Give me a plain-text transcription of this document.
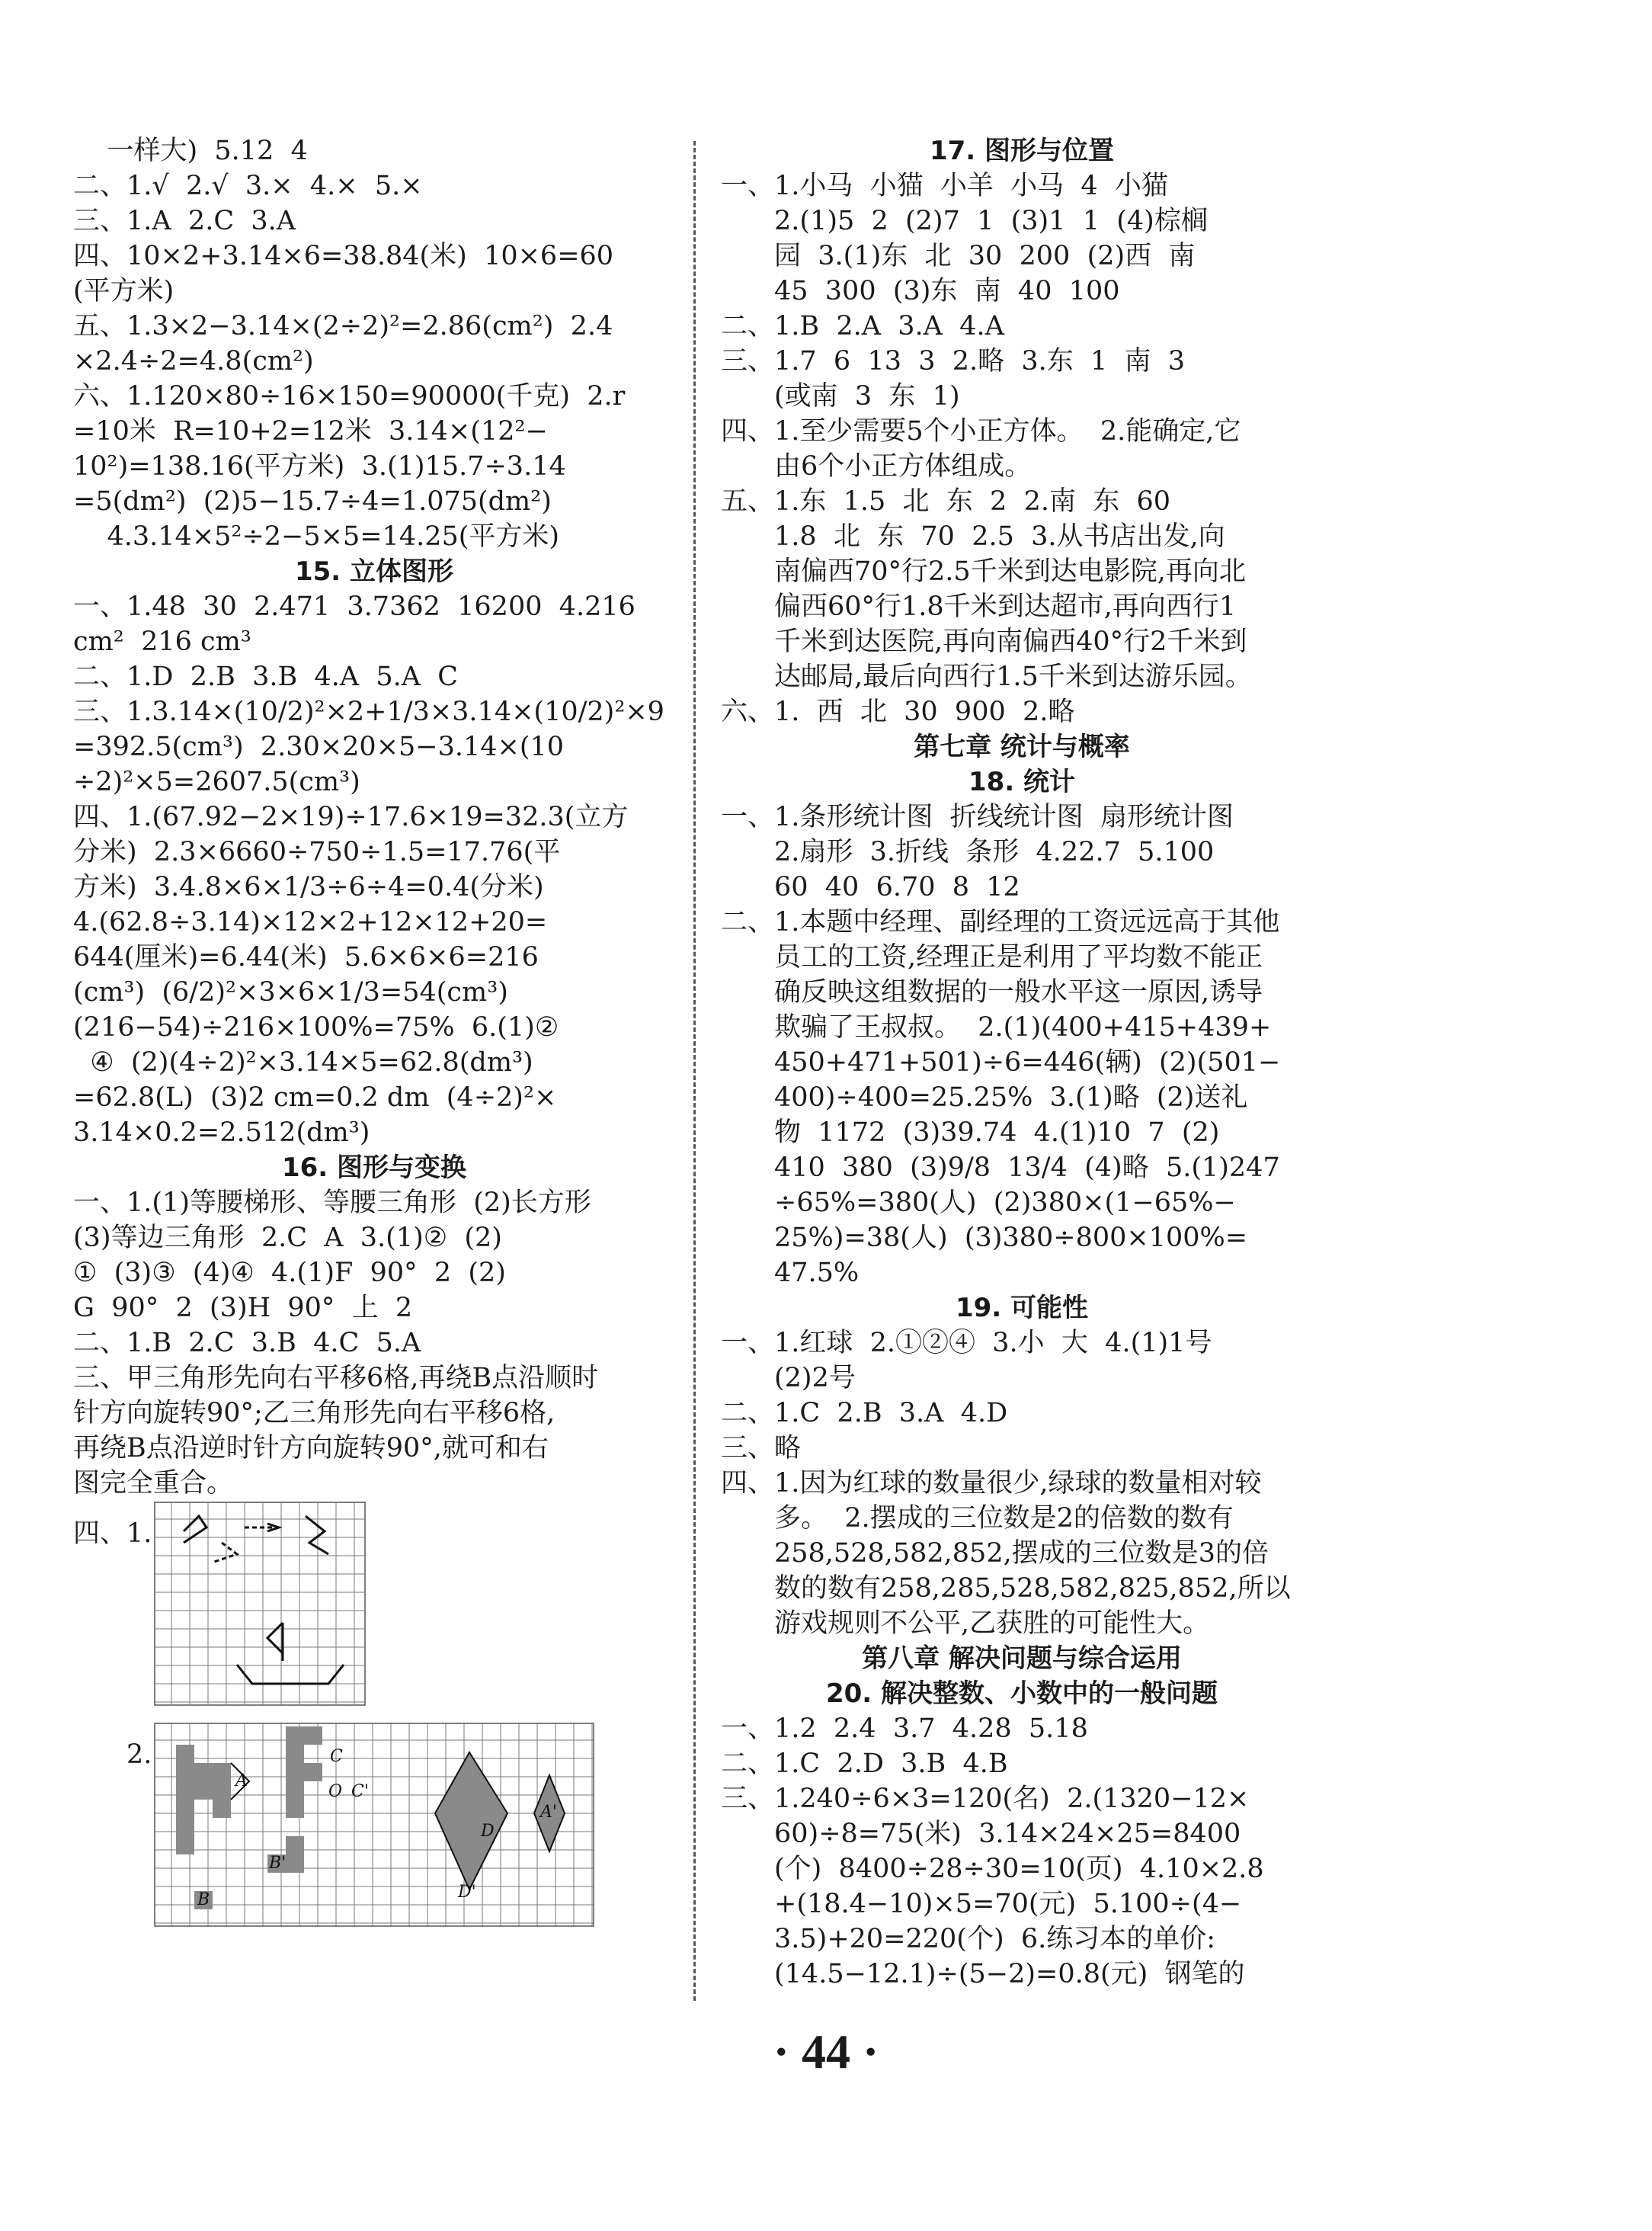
一样大)  5.12  4
二、1.√  2.√  3.×  4.×  5.×
三、1.A  2.C  3.A
四、10×2+3.14×6=38.84(米)  10×6=60
(平方米)
五、1.3×2−3.14×(2÷2)²=2.86(cm²)  2.4
×2.4÷2=4.8(cm²)
六、1.120×80÷16×150=90000(千克)  2.r
=10米  R=10+2=12米  3.14×(12²−
10²)=138.16(平方米)  3.(1)15.7÷3.14
=5(dm²)  (2)5−15.7÷4=1.075(dm²)
4.3.14×5²÷2−5×5=14.25(平方米)
15. 立体图形
一、1.48  30  2.471  3.7362  16200  4.216
cm²  216 cm³
二、1.D  2.B  3.B  4.A  5.A  C
三、1.3.14×(10/2)²×2+1/3×3.14×(10/2)²×9
=392.5(cm³)  2.30×20×5−3.14×(10
÷2)²×5=2607.5(cm³)
四、1.(67.92−2×19)÷17.6×19=32.3(立方
分米)  2.3×6660÷750÷1.5=17.76(平
方米)  3.4.8×6×1/3÷6÷4=0.4(分米)
4.(62.8÷3.14)×12×2+12×12+20=
644(厘米)=6.44(米)  5.6×6×6=216
(cm³)  (6/2)²×3×6×1/3=54(cm³)
(216−54)÷216×100%=75%  6.(1)②
④  (2)(4÷2)²×3.14×5=62.8(dm³)
=62.8(L)  (3)2 cm=0.2 dm  (4÷2)²×
3.14×0.2=2.512(dm³)
16. 图形与变换
一、1.(1)等腰梯形、等腰三角形  (2)长方形
(3)等边三角形  2.C  A  3.(1)②  (2)
①  (3)③  (4)④  4.(1)F  90°  2  (2)
G  90°  2  (3)H  90°  上  2
二、1.B  2.C  3.B  4.C  5.A
三、甲三角形先向右平移6格,再绕B点沿顺时
针方向旋转90°;乙三角形先向右平移6格,
再绕B点沿逆时针方向旋转90°,就可和右
图完全重合。
四、1.
2.
A
C
O C'
D
D'
A'
B'
B
17. 图形与位置
一、1.小马  小猫  小羊  小马  4  小猫
2.(1)5  2  (2)7  1  (3)1  1  (4)棕榈
园  3.(1)东  北  30  200  (2)西  南
45  300  (3)东  南  40  100
二、1.B  2.A  3.A  4.A
三、1.7  6  13  3  2.略  3.东  1  南  3
(或南  3  东  1)
四、1.至少需要5个小正方体。  2.能确定,它
由6个小正方体组成。
五、1.东  1.5  北  东  2  2.南  东  60
1.8  北  东  70  2.5  3.从书店出发,向
南偏西70°行2.5千米到达电影院,再向北
偏西60°行1.8千米到达超市,再向西行1
千米到达医院,再向南偏西40°行2千米到
达邮局,最后向西行1.5千米到达游乐园。
六、1.  西  北  30  900  2.略
第七章 统计与概率
18. 统计
一、1.条形统计图  折线统计图  扇形统计图
2.扇形  3.折线  条形  4.22.7  5.100
60  40  6.70  8  12
二、1.本题中经理、副经理的工资远远高于其他
员工的工资,经理正是利用了平均数不能正
确反映这组数据的一般水平这一原因,诱导
欺骗了王叔叔。  2.(1)(400+415+439+
450+471+501)÷6=446(辆)  (2)(501−
400)÷400=25.25%  3.(1)略  (2)送礼
物  1172  (3)39.74  4.(1)10  7  (2)
410  380  (3)9/8  13/4  (4)略  5.(1)247
÷65%=380(人)  (2)380×(1−65%−
25%)=38(人)  (3)380÷800×100%=
47.5%
19. 可能性
一、1.红球  2.①②④  3.小  大  4.(1)1号
(2)2号
二、1.C  2.B  3.A  4.D
三、略
四、1.因为红球的数量很少,绿球的数量相对较
多。  2.摆成的三位数是2的倍数的数有
258,528,582,852,摆成的三位数是3的倍
数的数有258,285,528,582,825,852,所以
游戏规则不公平,乙获胜的可能性大。
第八章 解决问题与综合运用
20. 解决整数、小数中的一般问题
一、1.2  2.4  3.7  4.28  5.18
二、1.C  2.D  3.B  4.B
三、1.240÷6×3=120(名)  2.(1320−12×
60)÷8=75(米)  3.14×24×25=8400
(个)  8400÷28÷30=10(页)  4.10×2.8
+(18.4−10)×5=70(元)  5.100÷(4−
3.5)+20=220(个)  6.练习本的单价:
(14.5−12.1)÷(5−2)=0.8(元)  钢笔的
· 44 ·
